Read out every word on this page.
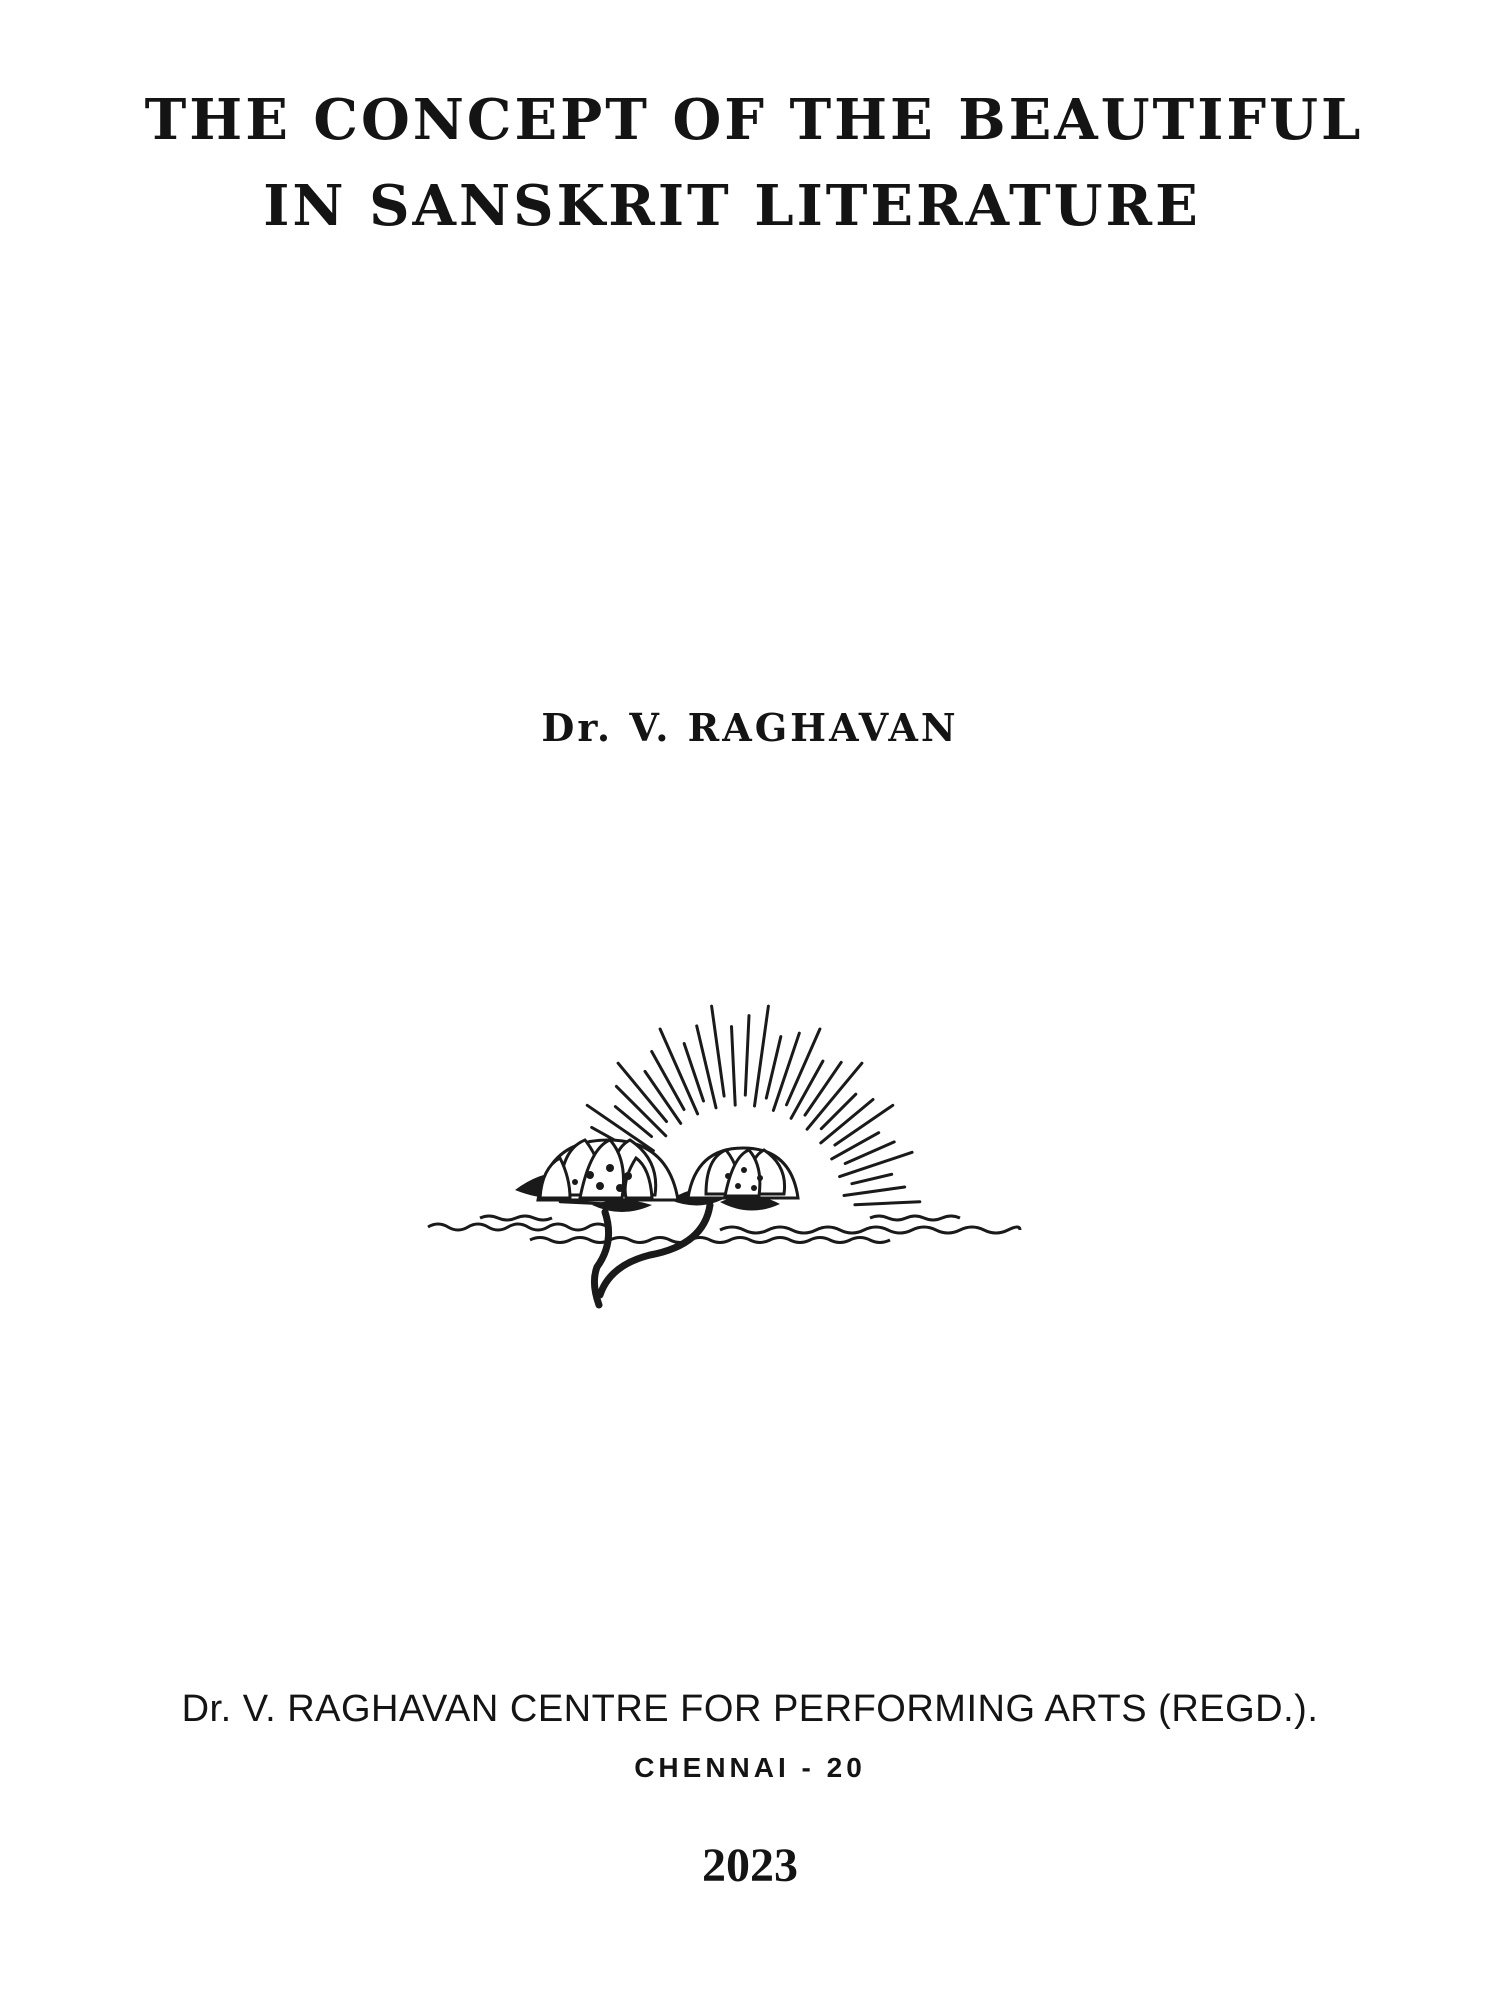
THE CONCEPT OF THE BEAUTIFUL
IN SANSKRIT LITERATURE

Dr. V. RAGHAVAN

Dr. V. RAGHAVAN CENTRE FOR PERFORMING ARTS (REGD.).

CHENNAI - 20

2023
